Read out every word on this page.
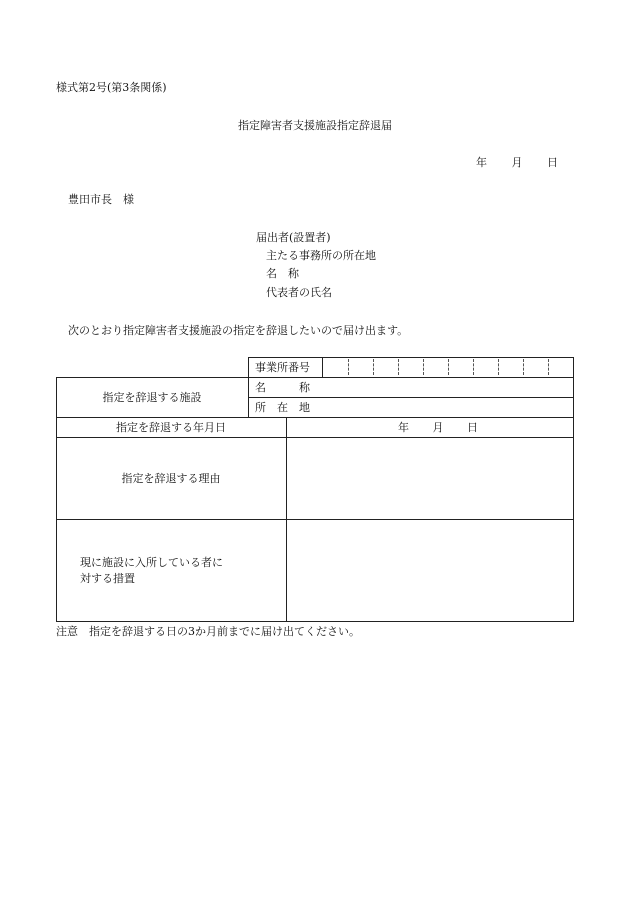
様式第2号(第3条関係)
指定障害者支援施設指定辞退届
年 月 日
豊田市長　様
届出者(設置者)
主たる事務所の所在地
名　称
代表者の氏名
次のとおり指定障害者支援施設の指定を辞退したいので届け出ます。
事業所番号
指定を辞退する施設
名　　　称
所　在　地
指定を辞退する年月日	年 月 日
指定を辞退する理由
現に施設に入所している者に
対する措置
注意　指定を辞退する日の3か月前までに届け出てください。
